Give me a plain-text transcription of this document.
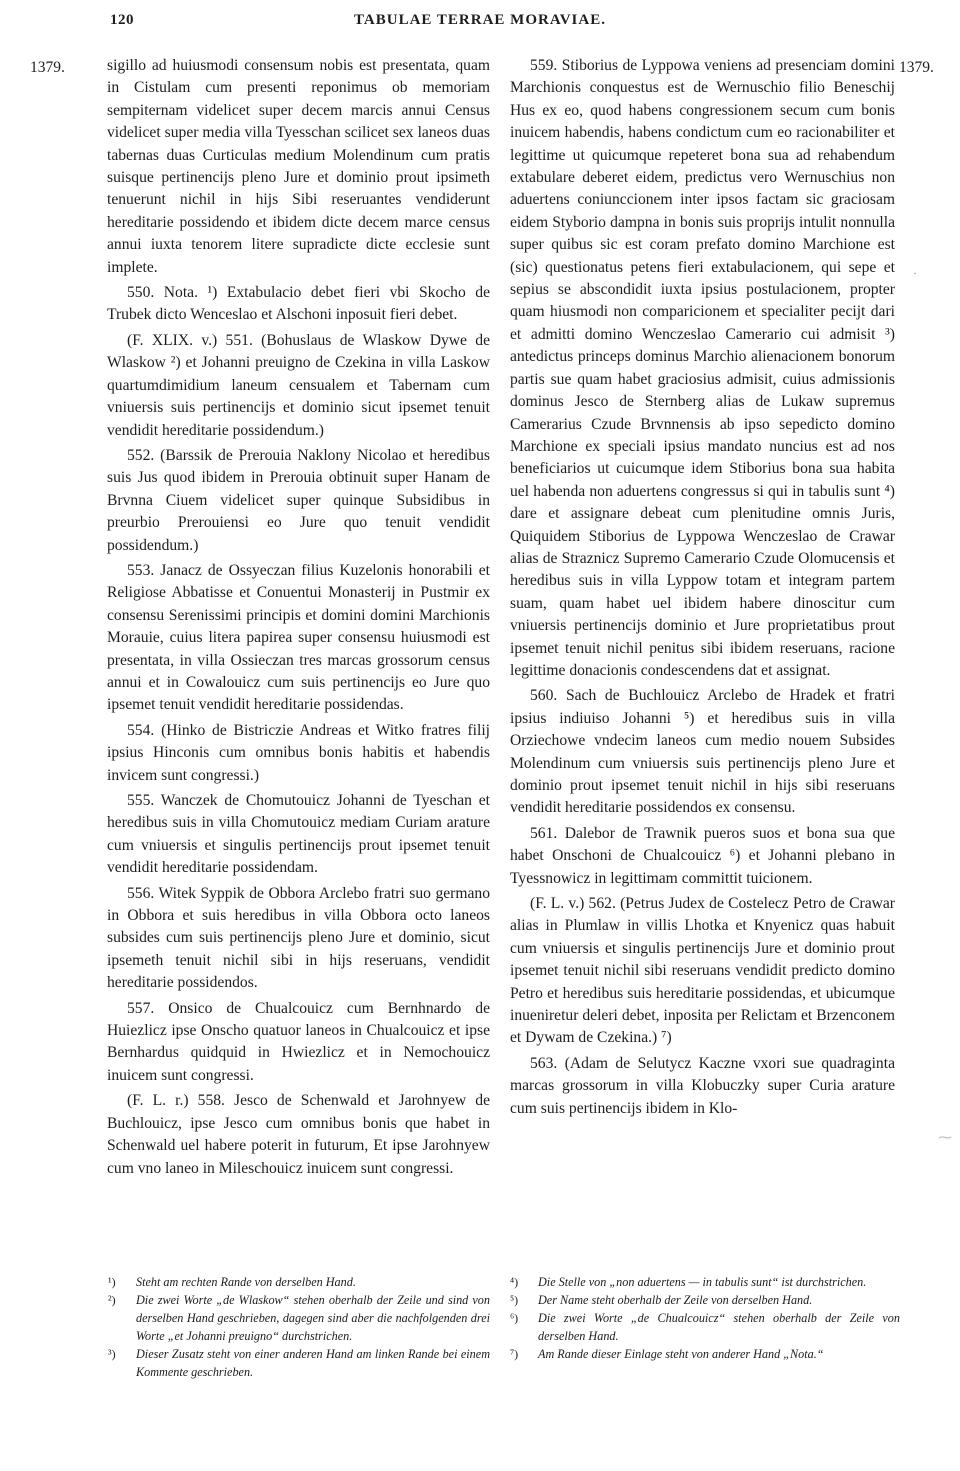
120	TABULAE TERRAE MORAVIAE.
1379.	1379.

sigillo ad huiusmodi consensum nobis est presentata, quam in Cistulam cum presenti reponimus ob memoriam sempiternam videlicet super decem marcis annui Census videlicet super media villa Tyesschan scilicet sex laneos duas tabernas duas Curticulas medium Molendinum cum pratis suisque pertinencijs pleno Jure et dominio prout ipsimeth tenuerunt nichil in hijs Sibi reseruantes vendiderunt hereditarie possidendo et ibidem dicte decem marce census annui iuxta tenorem litere supradicte dicte ecclesie sunt implete.

550. Nota. ¹) Extabulacio debet fieri vbi Skocho de Trubek dicto Wenceslao et Alschoni inposuit fieri debet.

(F. XLIX. v.) 551. (Bohuslaus de Wlaskow Dywe de Wlaskow ²) et Johanni preuigno de Czekina in villa Laskow quartumdimidium laneum censualem et Tabernam cum vniuersis suis pertinencijs et dominio sicut ipsemet tenuit vendidit hereditarie possidendum.)

552. (Barssik de Prerouia Naklony Nicolao et heredibus suis Jus quod ibidem in Prerouia obtinuit super Hanam de Brvnna Ciuem videlicet super quinque Subsidibus in preurbio Prerouiensi eo Jure quo tenuit vendidit possidendum.)

553. Janacz de Ossyeczan filius Kuzelonis honorabili et Religiose Abbatisse et Conuentui Monasterij in Pustmir ex consensu Serenissimi principis et domini domini Marchionis Morauie, cuius litera papirea super consensu huiusmodi est presentata, in villa Ossieczan tres marcas grossorum census annui et in Cowalouicz cum suis pertinencijs eo Jure quo ipsemet tenuit vendidit hereditarie possidendas.

554. (Hinko de Bistriczie Andreas et Witko fratres filij ipsius Hinconis cum omnibus bonis habitis et habendis invicem sunt congressi.)

555. Wanczek de Chomutouicz Johanni de Tyeschan et heredibus suis in villa Chomutouicz mediam Curiam arature cum vniuersis et singulis pertinencijs prout ipsemet tenuit vendidit hereditarie possidendam.

556. Witek Syppik de Obbora Arclebo fratri suo germano in Obbora et suis heredibus in villa Obbora octo laneos subsides cum suis pertinencijs pleno Jure et dominio, sicut ipsemeth tenuit nichil sibi in hijs reseruans, vendidit hereditarie possidendos.

557. Onsico de Chualcouicz cum Bernhnardo de Huiezlicz ipse Onscho quatuor laneos in Chualcouicz et ipse Bernhardus quidquid in Hwiezlicz et in Nemochouicz inuicem sunt congressi.

(F. L. r.) 558. Jesco de Schenwald et Jarohnyew de Buchlouicz, ipse Jesco cum omnibus bonis que habet in Schenwald uel habere poterit in futurum, Et ipse Jarohnyew cum vno laneo in Mileschouicz inuicem sunt congressi.

559. Stiborius de Lyppowa veniens ad presenciam domini Marchionis conquestus est de Wernuschio filio Beneschij Hus ex eo, quod habens congressionem secum cum bonis inuicem habendis, habens condictum cum eo racionabiliter et legittime ut quicumque repeteret bona sua ad rehabendum extabulare deberet eidem, predictus vero Wernuschius non aduertens coniunccionem inter ipsos factam sic graciosam eidem Styborio dampna in bonis suis proprijs intulit nonnulla super quibus sic est coram prefato domino Marchione est (sic) questionatus petens fieri extabulacionem, qui sepe et sepius se abscondidit iuxta ipsius postulacionem, propter quam hiusmodi non comparicionem et specialiter pecijt dari et admitti domino Wenczeslao Camerario cui admisit ³) antedictus princeps dominus Marchio alienacionem bonorum partis sue quam habet graciosius admisit, cuius admissionis dominus Jesco de Sternberg alias de Lukaw supremus Camerarius Czude Brvnnensis ab ipso sepedicto domino Marchione ex speciali ipsius mandato nuncius est ad nos beneficiarios ut cuicumque idem Stiborius bona sua habita uel habenda non aduertens congressus si qui in tabulis sunt ⁴) dare et assignare debeat cum plenitudine omnis Juris, Quiquidem Stiborius de Lyppowa Wenczeslao de Crawar alias de Straznicz Supremo Camerario Czude Olomucensis et heredibus suis in villa Lyppow totam et integram partem suam, quam habet uel ibidem habere dinoscitur cum vniuersis pertinencijs dominio et Jure proprietatibus prout ipsemet tenuit nichil penitus sibi ibidem reseruans, racione legittime donacionis condescendens dat et assignat.

560. Sach de Buchlouicz Arclebo de Hradek et fratri ipsius indiuiso Johanni ⁵) et heredibus suis in villa Orziechowe vndecim laneos cum medio nouem Subsides Molendinum cum vniuersis suis pertinencijs pleno Jure et dominio prout ipsemet tenuit nichil in hijs sibi reseruans vendidit hereditarie possidendos ex consensu.

561. Dalebor de Trawnik pueros suos et bona sua que habet Onschoni de Chualcouicz ⁶) et Johanni plebano in Tyessnowicz in legittimam committit tuicionem.

(F. L. v.) 562. (Petrus Judex de Costelecz Petro de Crawar alias in Plumlaw in villis Lhotka et Knyenicz quas habuit cum vniuersis et singulis pertinencijs Jure et dominio prout ipsemet tenuit nichil sibi reseruans vendidit predicto domino Petro et heredibus suis hereditarie possidendas, et ubicumque inueniretur deleri debet, inposita per Relictam et Brzenconem et Dywam de Czekina.) ⁷)

563. (Adam de Selutycz Kaczne vxori sue quadraginta marcas grossorum in villa Klobuczky super Curia arature cum suis pertinencijs ibidem in Klo-

·
⁓
¹)	Steht am rechten Rande von derselben Hand.
²)	Die zwei Worte „de Wlaskow“ stehen oberhalb der Zeile und sind von derselben Hand geschrieben, dagegen sind aber die nachfolgenden drei Worte „et Johanni preuigno“ durchstrichen.
³)	Dieser Zusatz steht von einer anderen Hand am linken Rande bei einem Kommente geschrieben.
⁴)	Die Stelle von „non aduertens — in tabulis sunt“ ist durchstrichen.
⁵)	Der Name steht oberhalb der Zeile von derselben Hand.
⁶)	Die zwei Worte „de Chualcouicz“ stehen oberhalb der Zeile von derselben Hand.
⁷)	Am Rande dieser Einlage steht von anderer Hand „Nota.“
